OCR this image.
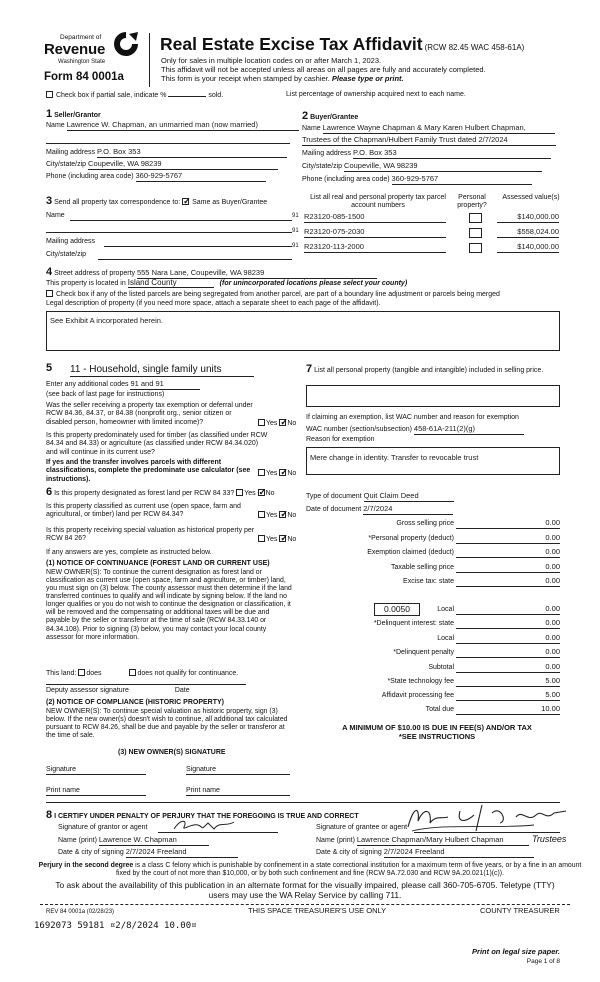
Department of
Revenue
Washington State
Form 84 0001a
Real Estate Excise Tax Affidavit (RCW 82.45 WAC 458-61A)
Only for sales in multiple location codes on or after March 1, 2023.
This affidavit will not be accepted unless all areas on all pages are fully and accurately completed.
This form is your receipt when stamped by cashier. Please type or print.
Check box if partial sale, indicate %	sold.	List percentage of ownership acquired next to each name.
1 Seller/Grantor
Name Lawrence W. Chapman, an unmarried man (now married)
Mailing address P.O. Box 353
City/state/zip Coupeville, WA 98239
Phone (including area code) 360-929-5767
2 Buyer/Grantee
Name Lawrence Wayne Chapman & Mary Karen Hulbert Chapman,
Trustees of the Chapman/Hulbert Family Trust dated 2/7/2024
Mailing address P.O. Box 353
City/state/zip Coupeville, WA 98239
Phone (including area code) 360-929-5767
3 Send all property tax correspondence to: ✓ Same as Buyer/Grantee
Name
Mailing address
City/state/zip
List all real and personal property tax parcel account numbers
Personal property?
Assessed value(s)
91 R23120-085-1500	$140,000.00
91 R23120-075-2030	$558,024.00
91 R23120-113-2000	$140,000.00
4 Street address of property 555 Nara Lane, Coupeville, WA 98239
This property is located in Island County	(for unincorporated locations please select your county)
Check box if any of the listed parcels are being segregated from another parcel, are part of a boundary line adjustment or parcels being merged
Legal description of property (if you need more space, attach a separate sheet to each page of the affidavit).
See Exhibit A incorporated herein.
5 11 - Household, single family units
Enter any additional codes 91 and 91
(see back of last page for instructions)
Was the seller receiving a property tax exemption or deferral under RCW 84.36, 84.37, or 84.38 (nonprofit org., senior citizen or disabled person, homeowner with limited income)?	Yes ✓ No
Is this property predominately used for timber (as classified under RCW 84.34 and 84.33) or agriculture (as classified under RCW 84.34.020) and will continue in its current use?
If yes and the transfer involves parcels with different classifications, complete the predominate use calculator (see instructions).
Yes ✓ No
6 Is this property designated as forest land per RCW 84 33? Yes ✓ No
Is this property classified as current use (open space, farm and agricultural, or timber) land per RCW 84.34?	Yes ✓ No
Is this property receiving special valuation as historical property per RCW 84 26?	Yes ✓ No
If any answers are yes, complete as instructed below.
(1) NOTICE OF CONTINUANCE (FOREST LAND OR CURRENT USE)
NEW OWNER(S): To continue the current designation as forest land or classification as current use (open space, farm and agriculture, or timber) land, you must sign on (3) below. The county assessor must then determine if the land transferred continues to qualify and will indicate by signing below. If the land no longer qualifies or you do not wish to continue the designation or classification, it will be removed and the compensating or additional taxes will be due and payable by the seller or transferor at the time of sale (RCW 84.33.140 or 84.34.108). Prior to signing (3) below, you may contact your local county assessor for more information.
This land: does	does not qualify for continuance.
Deputy assessor signature	Date
(2) NOTICE OF COMPLIANCE (HISTORIC PROPERTY)
NEW OWNER(S): To continue special valuation as historic property, sign (3) below. If the new owner(s) doesn't wish to continue, all additional tax calculated pursuant to RCW 84.26, shall be due and payable by the seller or transferor at the time of sale.
(3) NEW OWNER(S) SIGNATURE
Signature	Signature
Print name	Print name
7 List all personal property (tangible and intangible) included in selling price.
If claiming an exemption, list WAC number and reason for exemption
WAC number (section/subsection) 458-61A-211(2)(g)
Reason for exemption
Mere change in identity. Transfer to revocable trust
Type of document Quit Claim Deed
Date of document 2/7/2024
Gross selling price	0.00
*Personal property (deduct)	0.00
Exemption claimed (deduct)	0.00
Taxable selling price	0.00
Excise tax: state	0.00
0.0050	Local	0.00
*Delinquent interest: state	0.00
Local	0.00
*Delinquent penalty	0.00
Subtotal	0.00
*State technology fee	5.00
Affidavit processing fee	5.00
Total due	10.00
A MINIMUM OF $10.00 IS DUE IN FEE(S) AND/OR TAX
*SEE INSTRUCTIONS
8 I CERTIFY UNDER PENALTY OF PERJURY THAT THE FOREGOING IS TRUE AND CORRECT
Signature of grantor or agent
Name (print) Lawrence W. Chapman
Date & city of signing 2/7/2024 Freeland
Signature of grantee or agent
Name (print) Lawrence Chapman/Mary Hulbert Chapman	Trustees
Date & city of signing 2/7/2024 Freeland
Perjury in the second degree is a class C felony which is punishable by confinement in a state correctional institution for a maximum term of five years, or by a fine in an amount fixed by the court of not more than $10,000, or by both such confinement and fine (RCW 9A.72.030 and RCW 9A.20.021(1)(c)).
To ask about the availability of this publication in an alternate format for the visually impaired, please call 360-705-6705. Teletype (TTY) users may use the WA Relay Service by calling 711.
REV 84 0001a (02/28/23)	THIS SPACE TREASURER'S USE ONLY	COUNTY TREASURER
1692073 59181 ¤2/8/2024 10.00¤
Print on legal size paper.
Page 1 of 8
